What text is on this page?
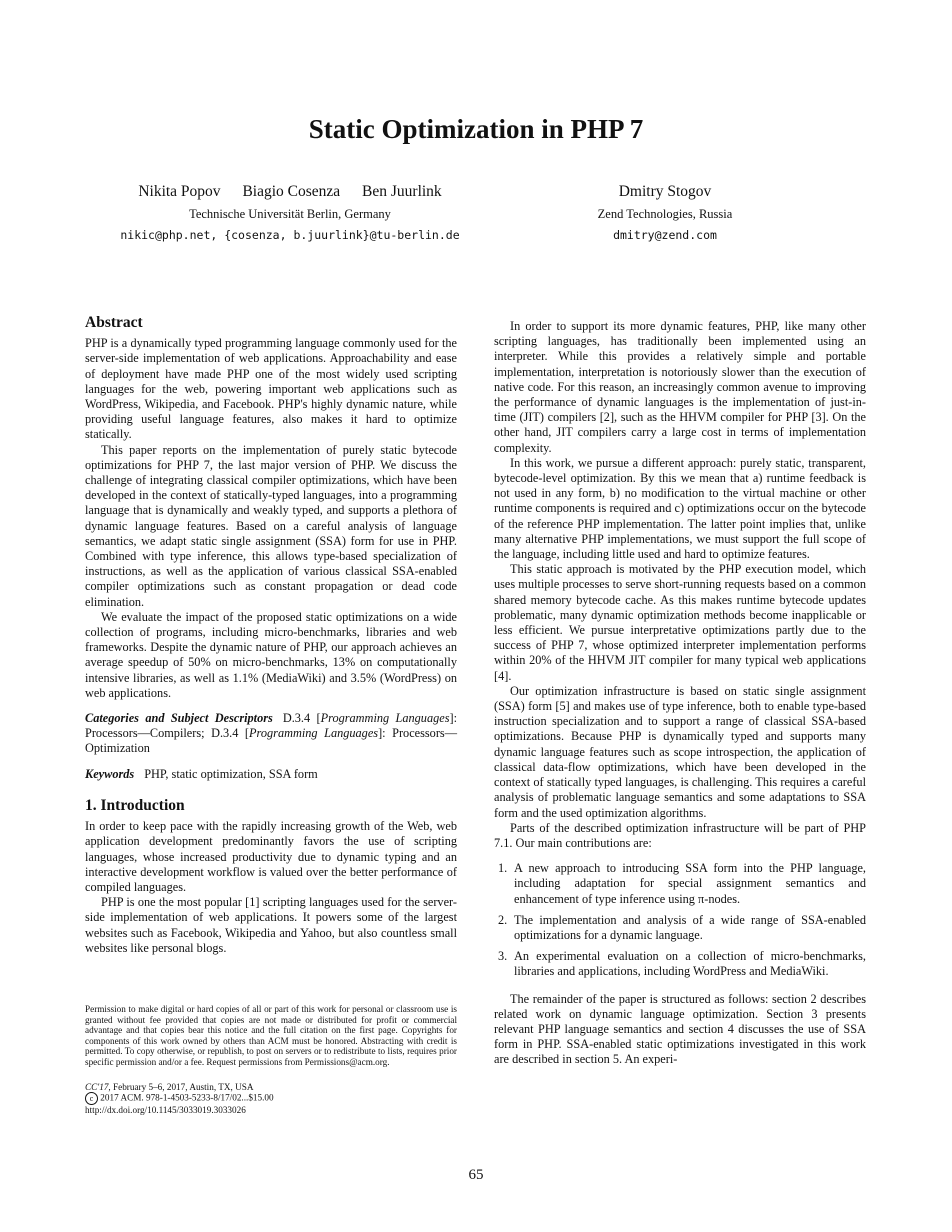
Static Optimization in PHP 7
Nikita Popov Biagio Cosenza Ben Juurlink
Technische Universität Berlin, Germany
nikic@php.net, {cosenza, b.juurlink}@tu-berlin.de
Dmitry Stogov
Zend Technologies, Russia
dmitry@zend.com
Abstract

PHP is a dynamically typed programming language commonly used for the server-side implementation of web applications. Approachability and ease of deployment have made PHP one of the most widely used scripting languages for the web, powering important web applications such as WordPress, Wikipedia, and Facebook. PHP's highly dynamic nature, while providing useful language features, also makes it hard to optimize statically.

This paper reports on the implementation of purely static bytecode optimizations for PHP 7, the last major version of PHP. We discuss the challenge of integrating classical compiler optimizations, which have been developed in the context of statically-typed languages, into a programming language that is dynamically and weakly typed, and supports a plethora of dynamic language features. Based on a careful analysis of language semantics, we adapt static single assignment (SSA) form for use in PHP. Combined with type inference, this allows type-based specialization of instructions, as well as the application of various classical SSA-enabled compiler optimizations such as constant propagation or dead code elimination.

We evaluate the impact of the proposed static optimizations on a wide collection of programs, including micro-benchmarks, libraries and web frameworks. Despite the dynamic nature of PHP, our approach achieves an average speedup of 50% on micro-benchmarks, 13% on computationally intensive libraries, as well as 1.1% (MediaWiki) and 3.5% (WordPress) on web applications.

Categories and Subject Descriptors D.3.4 [Programming Languages]: Processors—Compilers; D.3.4 [Programming Languages]: Processors—Optimization

Keywords PHP, static optimization, SSA form

1. Introduction

In order to keep pace with the rapidly increasing growth of the Web, web application development predominantly favors the use of scripting languages, whose increased productivity due to dynamic typing and an interactive development workflow is valued over the better performance of compiled languages.

PHP is one the most popular [1] scripting languages used for the server-side implementation of web applications. It powers some of the largest websites such as Facebook, Wikipedia and Yahoo, but also countless small websites like personal blogs.

Permission to make digital or hard copies of all or part of this work for personal or classroom use is granted without fee provided that copies are not made or distributed for profit or commercial advantage and that copies bear this notice and the full citation on the first page. Copyrights for components of this work owned by others than ACM must be honored. Abstracting with credit is permitted. To copy otherwise, or republish, to post on servers or to redistribute to lists, requires prior specific permission and/or a fee. Request permissions from Permissions@acm.org.

CC'17, February 5–6, 2017, Austin, TX, USA
c 2017 ACM. 978-1-4503-5233-8/17/02...$15.00
http://dx.doi.org/10.1145/3033019.3033026

In order to support its more dynamic features, PHP, like many other scripting languages, has traditionally been implemented using an interpreter. While this provides a relatively simple and portable implementation, interpretation is notoriously slower than the execution of native code. For this reason, an increasingly common avenue to improving the performance of dynamic languages is the implementation of just-in-time (JIT) compilers [2], such as the HHVM compiler for PHP [3]. On the other hand, JIT compilers carry a large cost in terms of implementation complexity.

In this work, we pursue a different approach: purely static, transparent, bytecode-level optimization. By this we mean that a) runtime feedback is not used in any form, b) no modification to the virtual machine or other runtime components is required and c) optimizations occur on the bytecode of the reference PHP implementation. The latter point implies that, unlike many alternative PHP implementations, we must support the full scope of the language, including little used and hard to optimize features.

This static approach is motivated by the PHP execution model, which uses multiple processes to serve short-running requests based on a common shared memory bytecode cache. As this makes runtime bytecode updates problematic, many dynamic optimization methods become inapplicable or less efficient. We pursue interpretative optimizations partly due to the success of PHP 7, whose optimized interpreter implementation performs within 20% of the HHVM JIT compiler for many typical web applications [4].

Our optimization infrastructure is based on static single assignment (SSA) form [5] and makes use of type inference, both to enable type-based instruction specialization and to support a range of classical SSA-based optimizations. Because PHP is dynamically typed and supports many dynamic language features such as scope introspection, the application of classical data-flow optimizations, which have been developed in the context of statically typed languages, is challenging. This requires a careful analysis of problematic language semantics and some adaptations to SSA form and the used optimization algorithms.

Parts of the described optimization infrastructure will be part of PHP 7.1. Our main contributions are:

1. A new approach to introducing SSA form into the PHP language, including adaptation for special assignment semantics and enhancement of type inference using π-nodes.
2. The implementation and analysis of a wide range of SSA-enabled optimizations for a dynamic language.
3. An experimental evaluation on a collection of micro-benchmarks, libraries and applications, including WordPress and MediaWiki.

The remainder of the paper is structured as follows: section 2 describes related work on dynamic language optimization. Section 3 presents relevant PHP language semantics and section 4 discusses the use of SSA form in PHP. SSA-enabled static optimizations investigated in this work are described in section 5. An experi-

65
